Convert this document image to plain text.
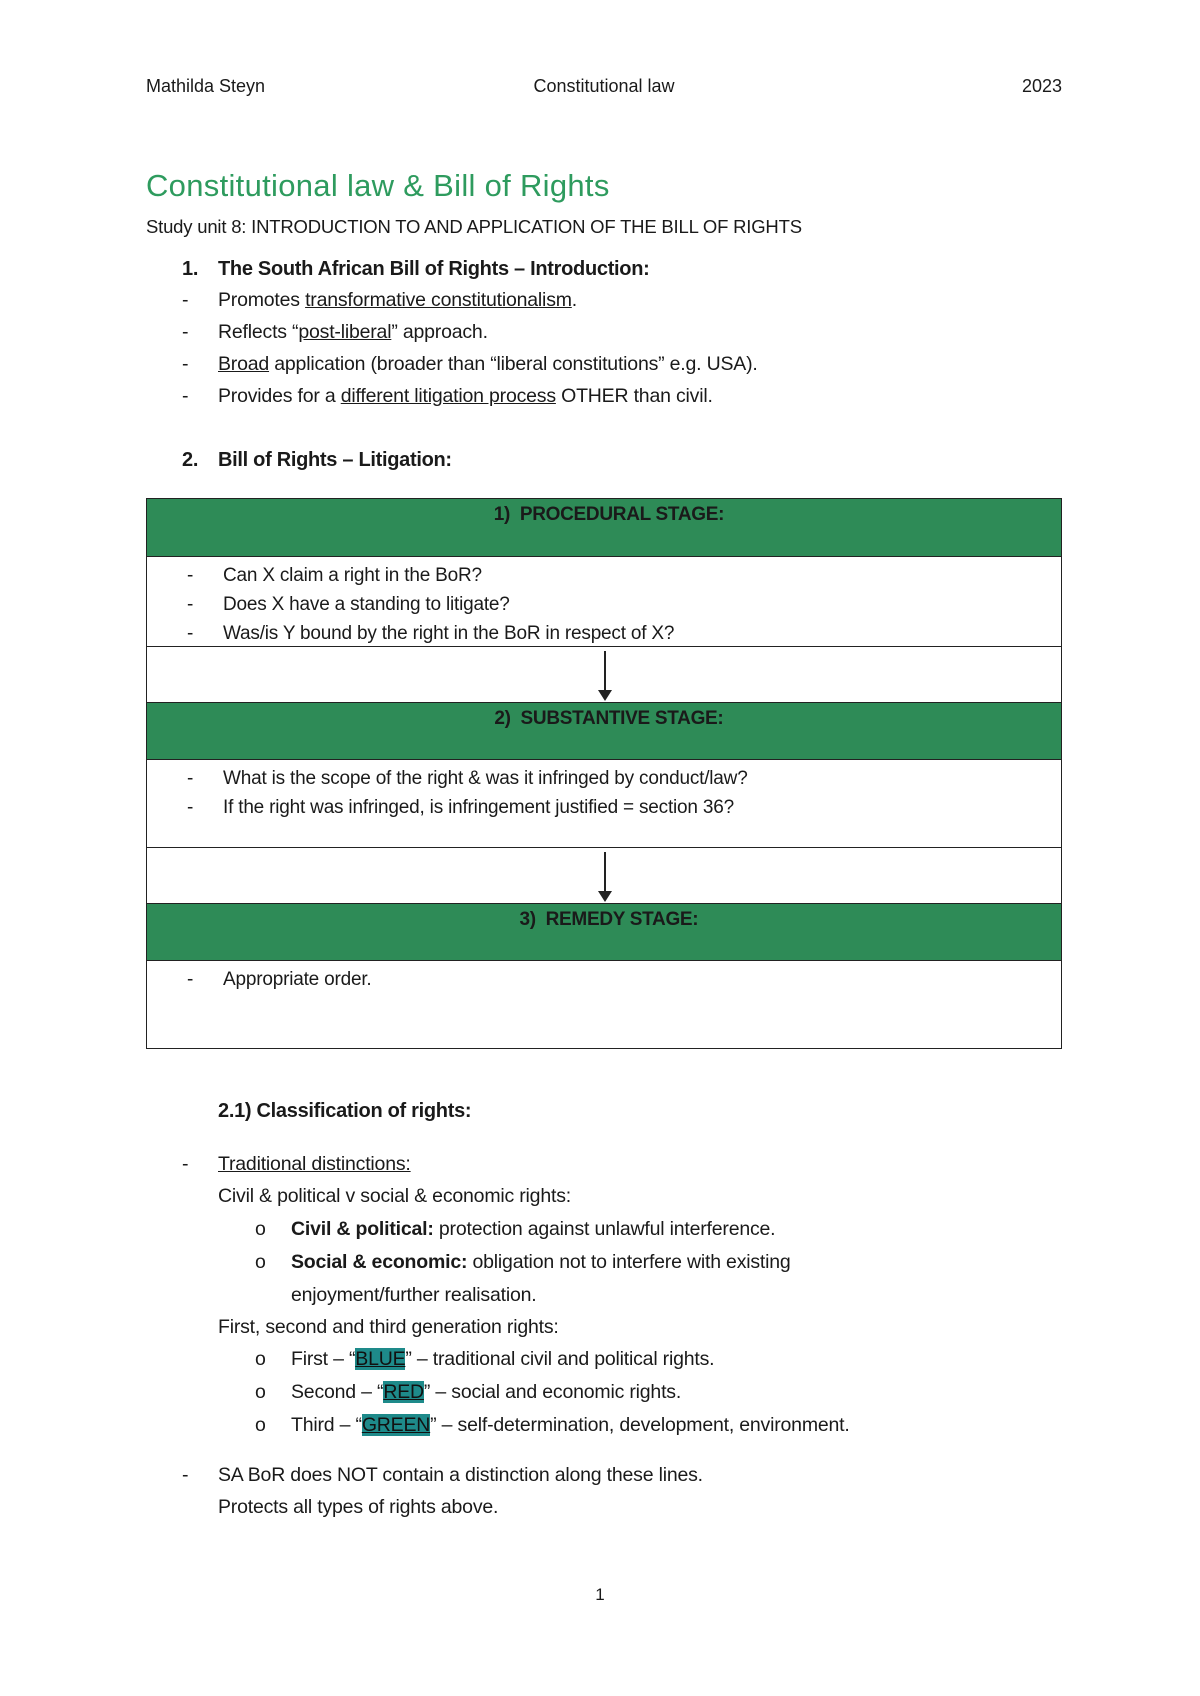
Mathilda Steyn	Constitutional law	2023
Constitutional law & Bill of Rights
Study unit 8: INTRODUCTION TO AND APPLICATION OF THE BILL OF RIGHTS
1. The South African Bill of Rights – Introduction:
- Promotes transformative constitutionalism.
- Reflects “post-liberal” approach.
- Broad application (broader than “liberal constitutions” e.g. USA).
- Provides for a different litigation process OTHER than civil.
2. Bill of Rights – Litigation:
1) PROCEDURAL STAGE:
- Can X claim a right in the BoR?
- Does X have a standing to litigate?
- Was/is Y bound by the right in the BoR in respect of X?
2) SUBSTANTIVE STAGE:
- What is the scope of the right & was it infringed by conduct/law?
- If the right was infringed, is infringement justified = section 36?
3) REMEDY STAGE:
- Appropriate order.
2.1) Classification of rights:
- Traditional distinctions:
Civil & political v social & economic rights:
o Civil & political: protection against unlawful interference.
o Social & economic: obligation not to interfere with existing
enjoyment/further realisation.
First, second and third generation rights:
o First – “BLUE” – traditional civil and political rights.
o Second – “RED” – social and economic rights.
o Third – “GREEN” – self-determination, development, environment.
- SA BoR does NOT contain a distinction along these lines.
Protects all types of rights above.
1
